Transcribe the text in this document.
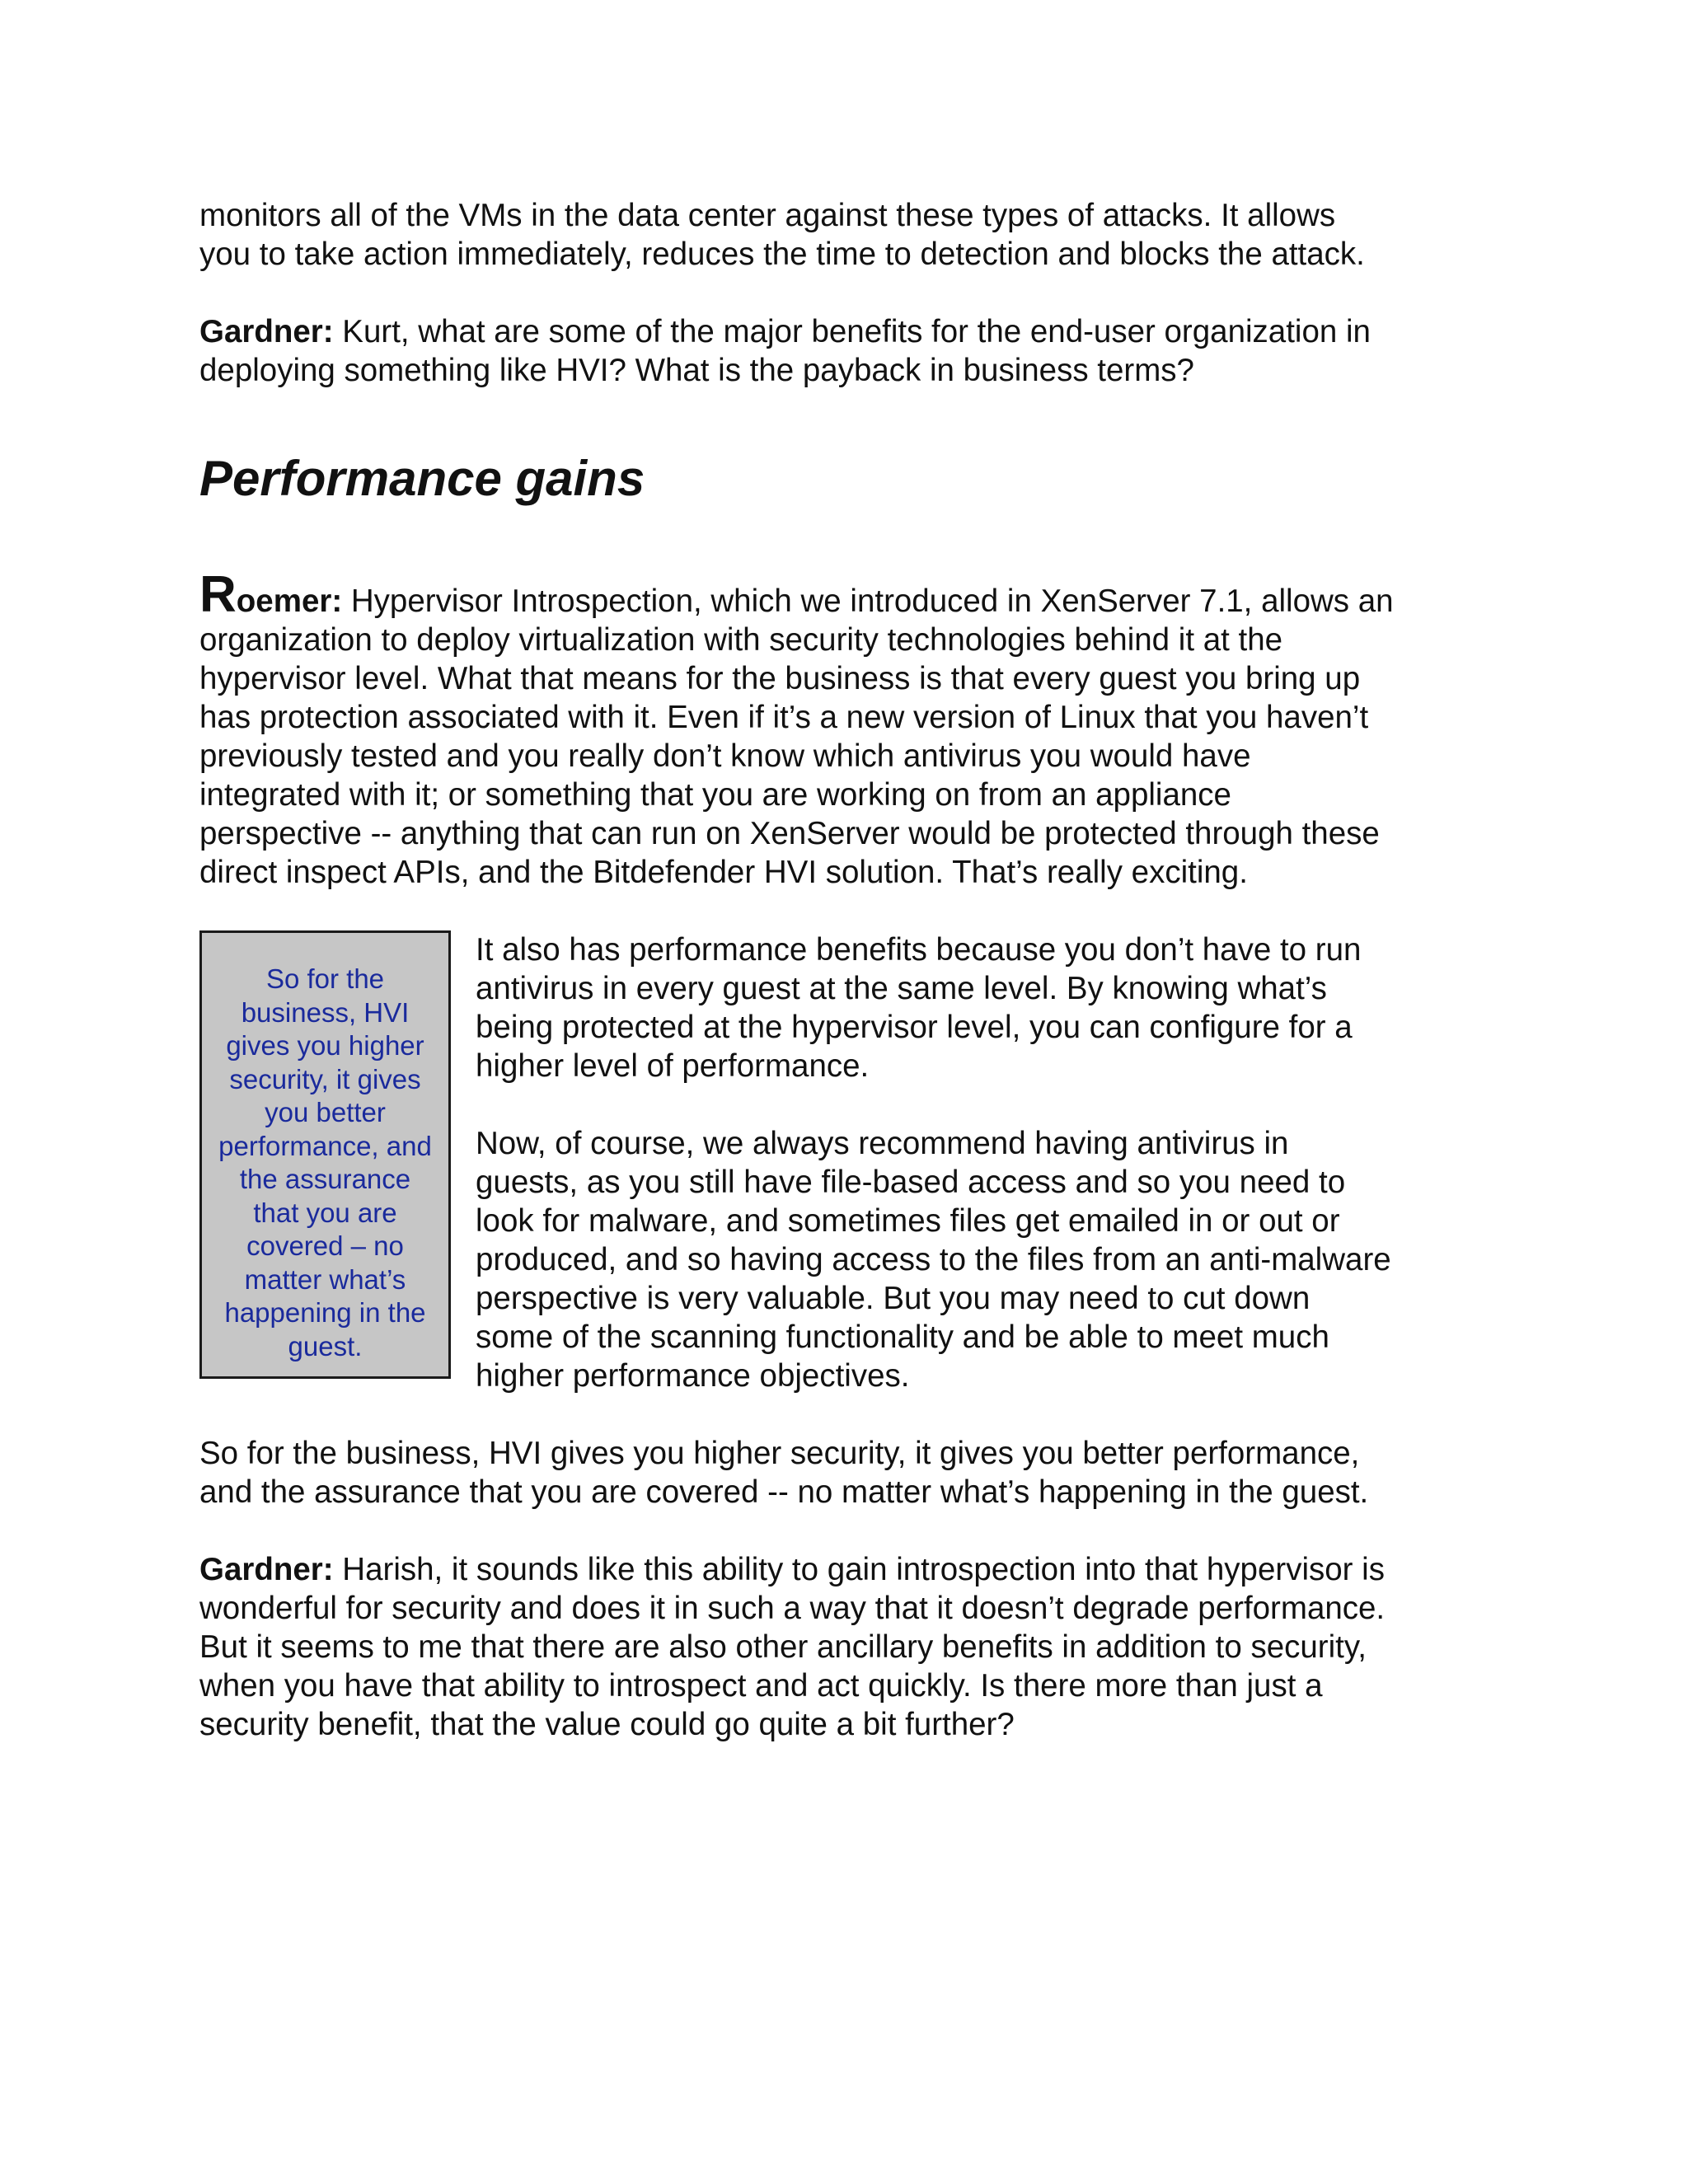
monitors all of the VMs in the data center against these types of attacks. It allows you to take action immediately, reduces the time to detection and blocks the attack.

Gardner: Kurt, what are some of the major benefits for the end-user organization in deploying something like HVI? What is the payback in business terms?

Performance gains

Roemer: Hypervisor Introspection, which we introduced in XenServer 7.1, allows an organization to deploy virtualization with security technologies behind it at the hypervisor level. What that means for the business is that every guest you bring up has protection associated with it. Even if it’s a new version of Linux that you haven’t previously tested and you really don’t know which antivirus you would have integrated with it; or something that you are working on from an appliance perspective -- anything that can run on XenServer would be protected through these direct inspect APIs, and the Bitdefender HVI solution. That’s really exciting.

So for the business, HVI gives you higher security, it gives you better performance, and the assurance that you are covered – no matter what’s happening in the guest.

It also has performance benefits because you don’t have to run antivirus in every guest at the same level. By knowing what’s being protected at the hypervisor level, you can configure for a higher level of performance.

Now, of course, we always recommend having antivirus in guests, as you still have file-based access and so you need to look for malware, and sometimes files get emailed in or out or produced, and so having access to the files from an anti-malware perspective is very valuable. But you may need to cut down some of the scanning functionality and be able to meet much higher performance objectives.

So for the business, HVI gives you higher security, it gives you better performance, and the assurance that you are covered -- no matter what’s happening in the guest.

Gardner: Harish, it sounds like this ability to gain introspection into that hypervisor is wonderful for security and does it in such a way that it doesn’t degrade performance. But it seems to me that there are also other ancillary benefits in addition to security, when you have that ability to introspect and act quickly. Is there more than just a security benefit, that the value could go quite a bit further?
